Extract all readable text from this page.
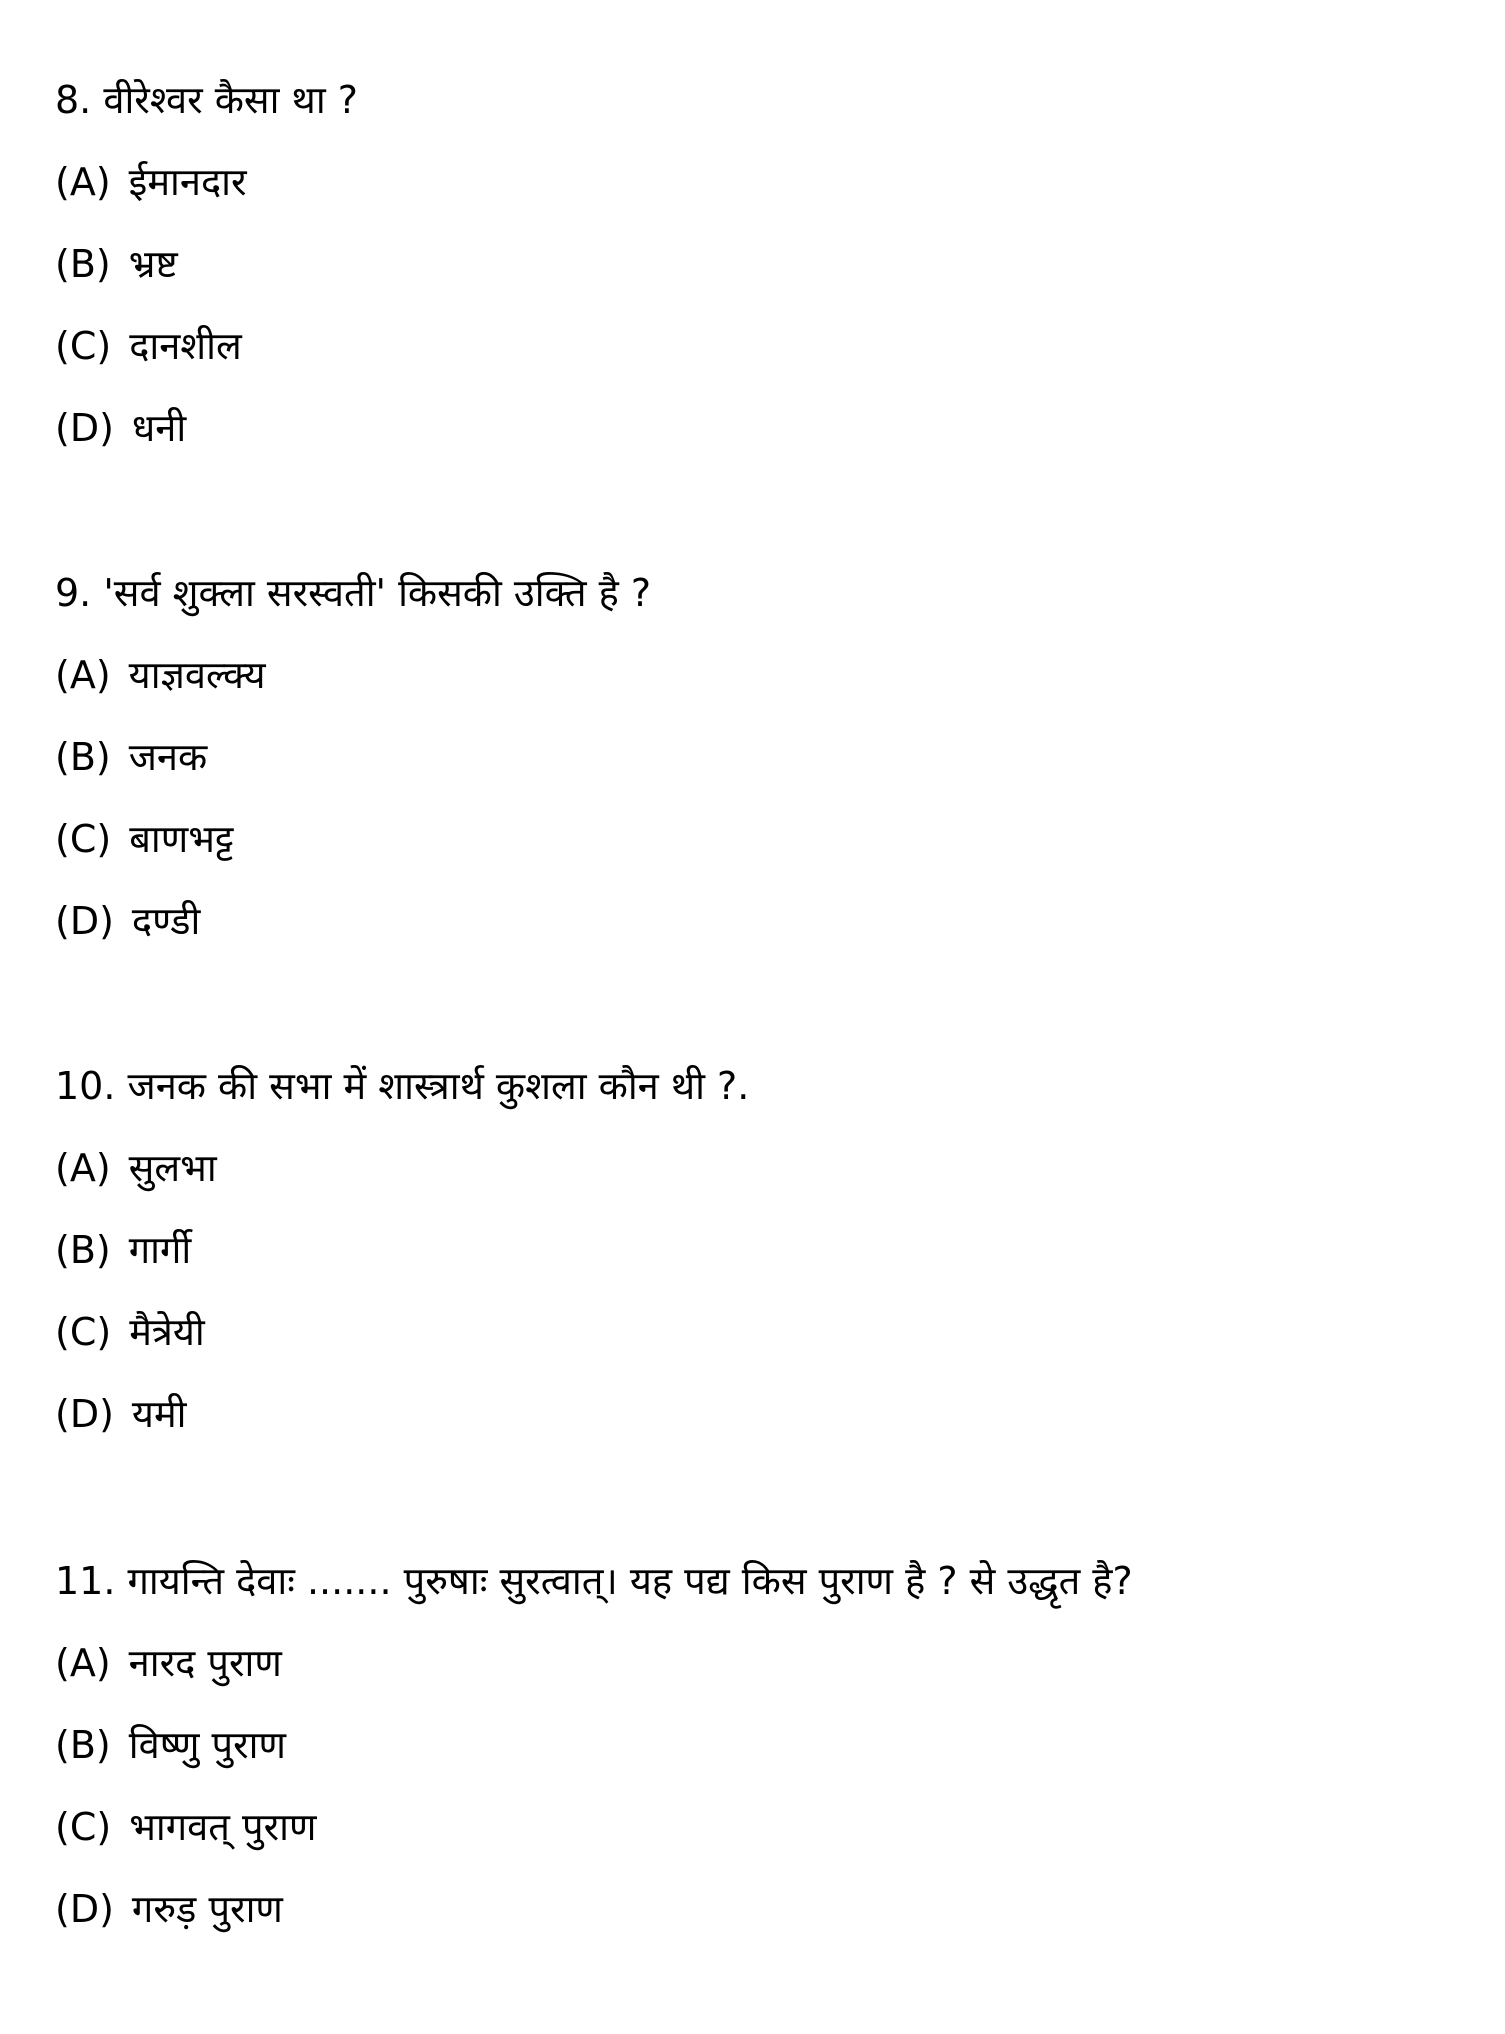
8. वीरेश्वर कैसा था ?

(A) ईमानदार
(B) भ्रष्ट
(C) दानशील
(D) धनी

9. 'सर्व शुक्ला सरस्वती' किसकी उक्ति है ?

(A) याज्ञवल्क्य
(B) जनक
(C) बाणभट्ट
(D) दण्डी

10. जनक की सभा में शास्त्रार्थ कुशला कौन थी ?.

(A) सुलभा
(B) गार्गी
(C) मैत्रेयी
(D) यमी

11. गायन्ति देवाः ....... पुरुषाः सुरत्वात्। यह पद्य किस पुराण है ? से उद्धृत है?

(A) नारद पुराण
(B) विष्णु पुराण
(C) भागवत् पुराण
(D) गरुड़ पुराण
